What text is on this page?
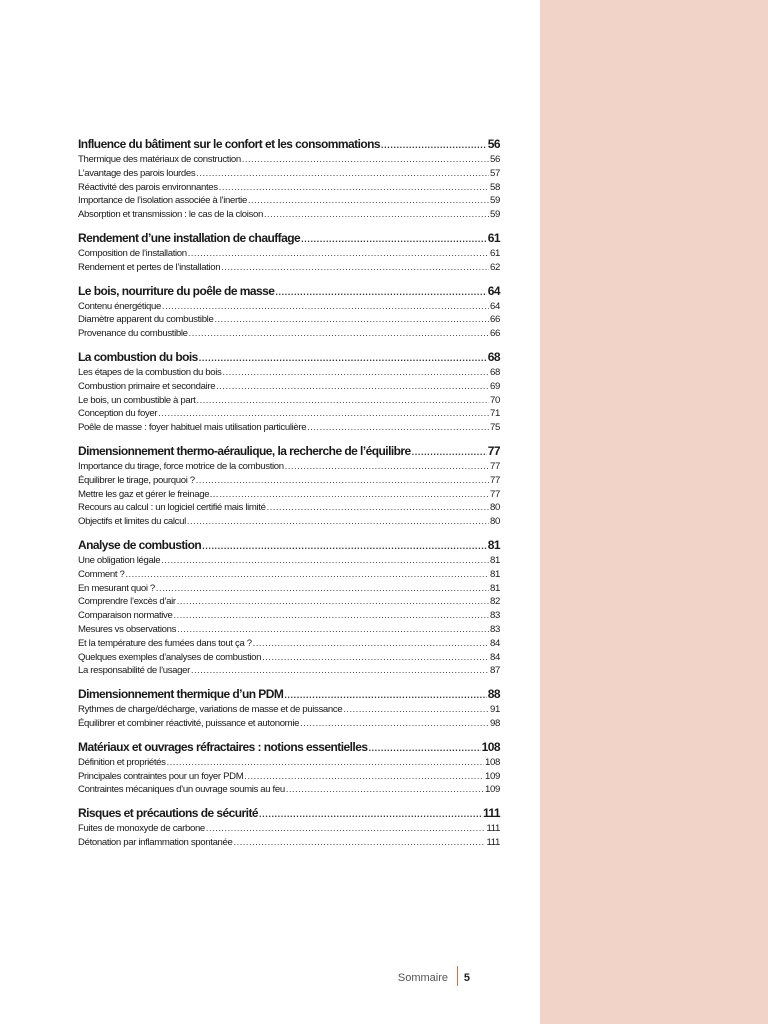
Influence du bâtiment sur le confort et les consommations .....	56
Thermique des matériaux de construction .....	56
L’avantage des parois lourdes .....	57
Réactivité des parois environnantes .....	58
Importance de l’isolation associée à l’inertie .....	59
Absorption et transmission : le cas de la cloison .....	59
Rendement d’une installation de chauffage .....	61
Composition de l’installation .....	61
Rendement et pertes de l’installation .....	62
Le bois, nourriture du poêle de masse .....	64
Contenu énergétique .....	64
Diamètre apparent du combustible .....	66
Provenance du combustible .....	66
La combustion du bois .....	68
Les étapes de la combustion du bois .....	68
Combustion primaire et secondaire .....	69
Le bois, un combustible à part .....	70
Conception du foyer .....	71
Poêle de masse : foyer habituel mais utilisation particulière .....	75
Dimensionnement thermo-aéraulique, la recherche de l’équilibre .....	77
Importance du tirage, force motrice de la combustion .....	77
Équilibrer le tirage, pourquoi ? .....	77
Mettre les gaz et gérer le freinage… .....	77
Recours au calcul : un logiciel certifié mais limité .....	80
Objectifs et limites du calcul .....	80
Analyse de combustion .....	81
Une obligation légale .....	81
Comment ? .....	81
En mesurant quoi ? .....	81
Comprendre l’excès d’air .....	82
Comparaison normative .....	83
Mesures vs observations .....	83
Et la température des fumées dans tout ça ? .....	84
Quelques exemples d’analyses de combustion .....	84
La responsabilité de l’usager .....	87
Dimensionnement thermique d’un PDM .....	88
Rythmes de charge/décharge, variations de masse et de puissance .....	91
Équilibrer et combiner réactivité, puissance et autonomie .....	98
Matériaux et ouvrages réfractaires : notions essentielles .....	108
Définition et propriétés .....	108
Principales contraintes pour un foyer PDM .....	109
Contraintes mécaniques d’un ouvrage soumis au feu .....	109
Risques et précautions de sécurité .....	111
Fuites de monoxyde de carbone .....	111
Détonation par inflammation spontanée .....	111
Sommaire 5
